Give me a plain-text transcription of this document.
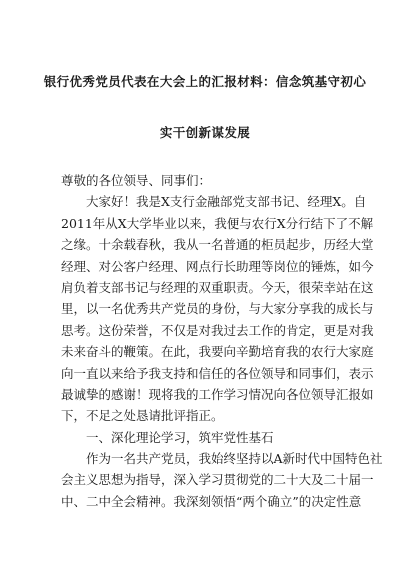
银行优秀党员代表在大会上的汇报材料：信念筑基守初心
实干创新谋发展
尊敬的各位领导、同事们：
大家好！我是X支行金融部党支部书记、经理X。自
2011年从X大学毕业以来，我便与农行X分行结下了不解
之缘。十余载春秋，我从一名普通的柜员起步，历经大堂
经理、对公客户经理、网点行长助理等岗位的锤炼，如今
肩负着支部书记与经理的双重职责。今天，很荣幸站在这
里，以一名优秀共产党员的身份，与大家分享我的成长与
思考。这份荣誉，不仅是对我过去工作的肯定，更是对我
未来奋斗的鞭策。在此，我要向辛勤培育我的农行大家庭
向一直以来给予我支持和信任的各位领导和同事们，表示
最诚挚的感谢！现将我的工作学习情况向各位领导汇报如
下，不足之处恳请批评指正。
一、深化理论学习，筑牢党性基石
作为一名共产党员，我始终坚持以A新时代中国特色社
会主义思想为指导，深入学习贯彻党的二十大及二十届一
中、二中全会精神。我深刻领悟“两个确立”的决定性意
